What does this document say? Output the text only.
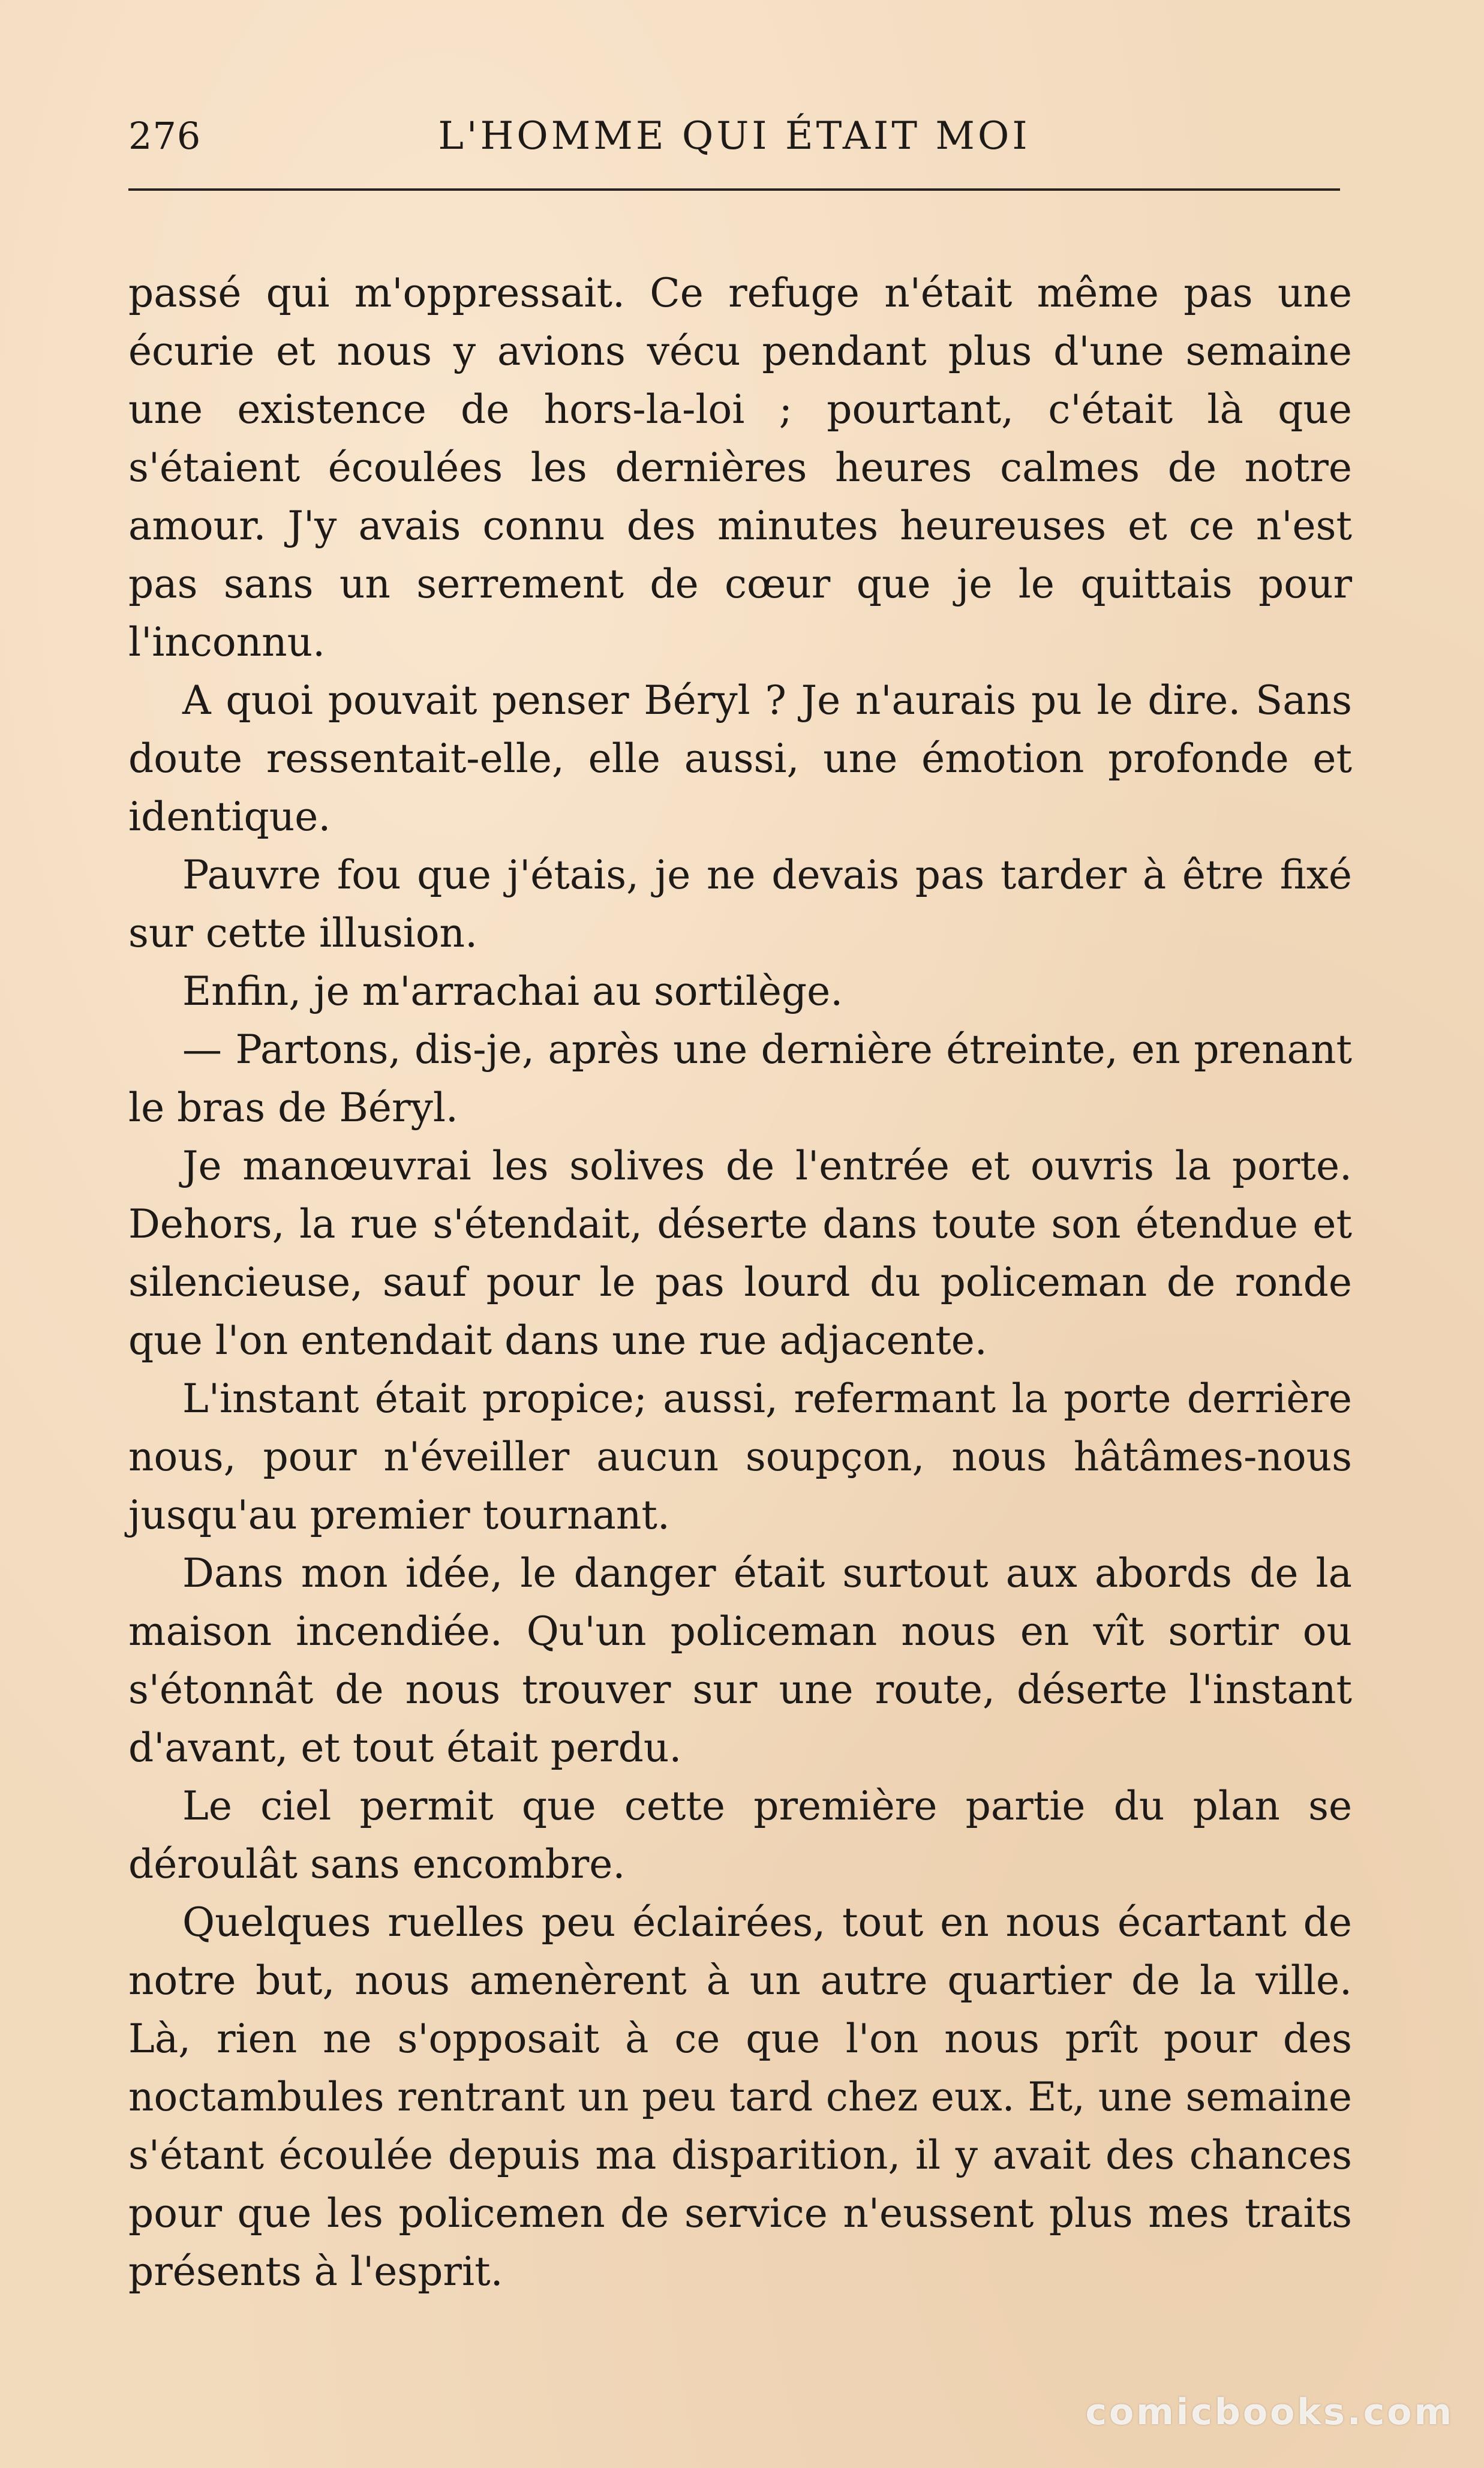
276	L'HOMME QUI ÉTAIT MOI

passé qui m'oppressait. Ce refuge n'était même pas une écurie et nous y avions vécu pendant plus d'une semaine une existence de hors-la-loi ; pourtant, c'était là que s'étaient écoulées les dernières heures calmes de notre amour. J'y avais connu des minutes heureuses et ce n'est pas sans un serrement de cœur que je le quittais pour l'inconnu.

A quoi pouvait penser Béryl ? Je n'aurais pu le dire. Sans doute ressentait-elle, elle aussi, une émotion profonde et identique.

Pauvre fou que j'étais, je ne devais pas tarder à être fixé sur cette illusion.

Enfin, je m'arrachai au sortilège.

— Partons, dis-je, après une dernière étreinte, en prenant le bras de Béryl.

Je manœuvrai les solives de l'entrée et ouvris la porte. Dehors, la rue s'étendait, déserte dans toute son étendue et silencieuse, sauf pour le pas lourd du policeman de ronde que l'on entendait dans une rue adjacente.

L'instant était propice; aussi, refermant la porte derrière nous, pour n'éveiller aucun soupçon, nous hâtâmes-nous jusqu'au premier tournant.

Dans mon idée, le danger était surtout aux abords de la maison incendiée. Qu'un policeman nous en vît sortir ou s'étonnât de nous trouver sur une route, déserte l'instant d'avant, et tout était perdu.

Le ciel permit que cette première partie du plan se déroulât sans encombre.

Quelques ruelles peu éclairées, tout en nous écartant de notre but, nous amenèrent à un autre quartier de la ville. Là, rien ne s'opposait à ce que l'on nous prît pour des noctambules rentrant un peu tard chez eux. Et, une semaine s'étant écoulée depuis ma disparition, il y avait des chances pour que les policemen de service n'eussent plus mes traits présents à l'esprit.

comicbooks.com
